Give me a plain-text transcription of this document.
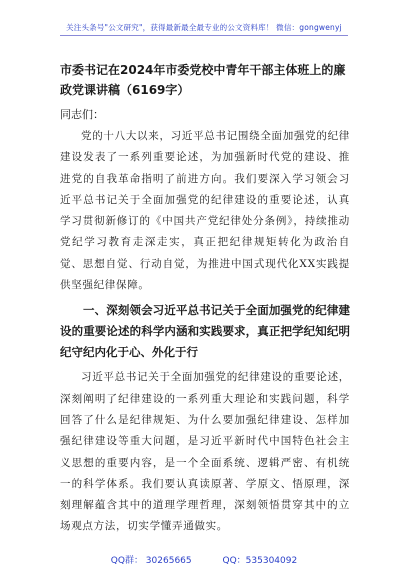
关注头条号"公文研究"，获得最新最全最专业的公文资料库！ 微信：gongwenyj

市委书记在2024年市委党校中青年干部主体班上的廉政党课讲稿（6169字）

同志们：

党的十八大以来，习近平总书记围绕全面加强党的纪律建设发表了一系列重要论述，为加强新时代党的建设、推进党的自我革命指明了前进方向。我们要深入学习领会习近平总书记关于全面加强党的纪律建设的重要论述，认真学习贯彻新修订的《中国共产党纪律处分条例》，持续推动党纪学习教育走深走实，真正把纪律规矩转化为政治自觉、思想自觉、行动自觉，为推进中国式现代化XX实践提供坚强纪律保障。

一、深刻领会习近平总书记关于全面加强党的纪律建设的重要论述的科学内涵和实践要求，真正把学纪知纪明纪守纪内化于心、外化于行

习近平总书记关于全面加强党的纪律建设的重要论述，深刻阐明了纪律建设的一系列重大理论和实践问题，科学回答了什么是纪律规矩、为什么要加强纪律建设、怎样加强纪律建设等重大问题，是习近平新时代中国特色社会主义思想的重要内容，是一个全面系统、逻辑严密、有机统一的科学体系。我们要认真读原著、学原文、悟原理，深刻理解蕴含其中的道理学理哲理，深刻领悟贯穿其中的立场观点方法，切实学懂弄通做实。

QQ群： 30265665	QQ：535304092
